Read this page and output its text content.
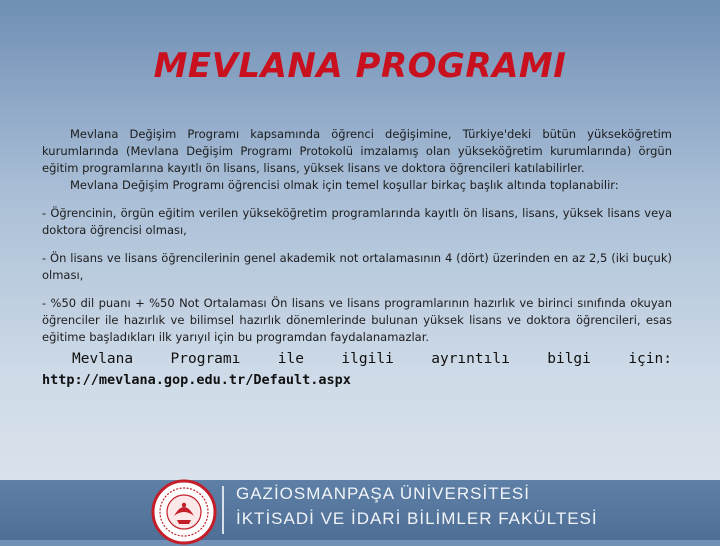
MEVLANA PROGRAMI

Mevlana Değişim Programı kapsamında öğrenci değişimine, Türkiye'deki bütün yükseköğretim kurumlarında (Mevlana Değişim Programı Protokolü imzalamış olan yükseköğretim kurumlarında) örgün eğitim programlarına kayıtlı ön lisans, lisans, yüksek lisans ve doktora öğrencileri katılabilirler.

Mevlana Değişim Programı öğrencisi olmak için temel koşullar birkaç başlık altında toplanabilir:

- Öğrencinin, örgün eğitim verilen yükseköğretim programlarında kayıtlı ön lisans, lisans, yüksek lisans veya doktora öğrencisi olması,

- Ön lisans ve lisans öğrencilerinin genel akademik not ortalamasının 4 (dört) üzerinden en az 2,5 (iki buçuk) olması,

- %50 dil puanı + %50 Not Ortalaması Ön lisans ve lisans programlarının hazırlık ve birinci sınıfında okuyan öğrenciler ile hazırlık ve bilimsel hazırlık dönemlerinde bulunan yüksek lisans ve doktora öğrencileri, esas eğitime başladıkları ilk yarıyıl için bu programdan faydalanamazlar.

Mevlana	Programı	ile	ilgili	ayrıntılı	bilgi	için:
http://mevlana.gop.edu.tr/Default.aspx
GAZİOSMANPAŞA ÜNİVERSİTESİ
İKTİSADİ VE İDARİ BİLİMLER FAKÜLTESİ
